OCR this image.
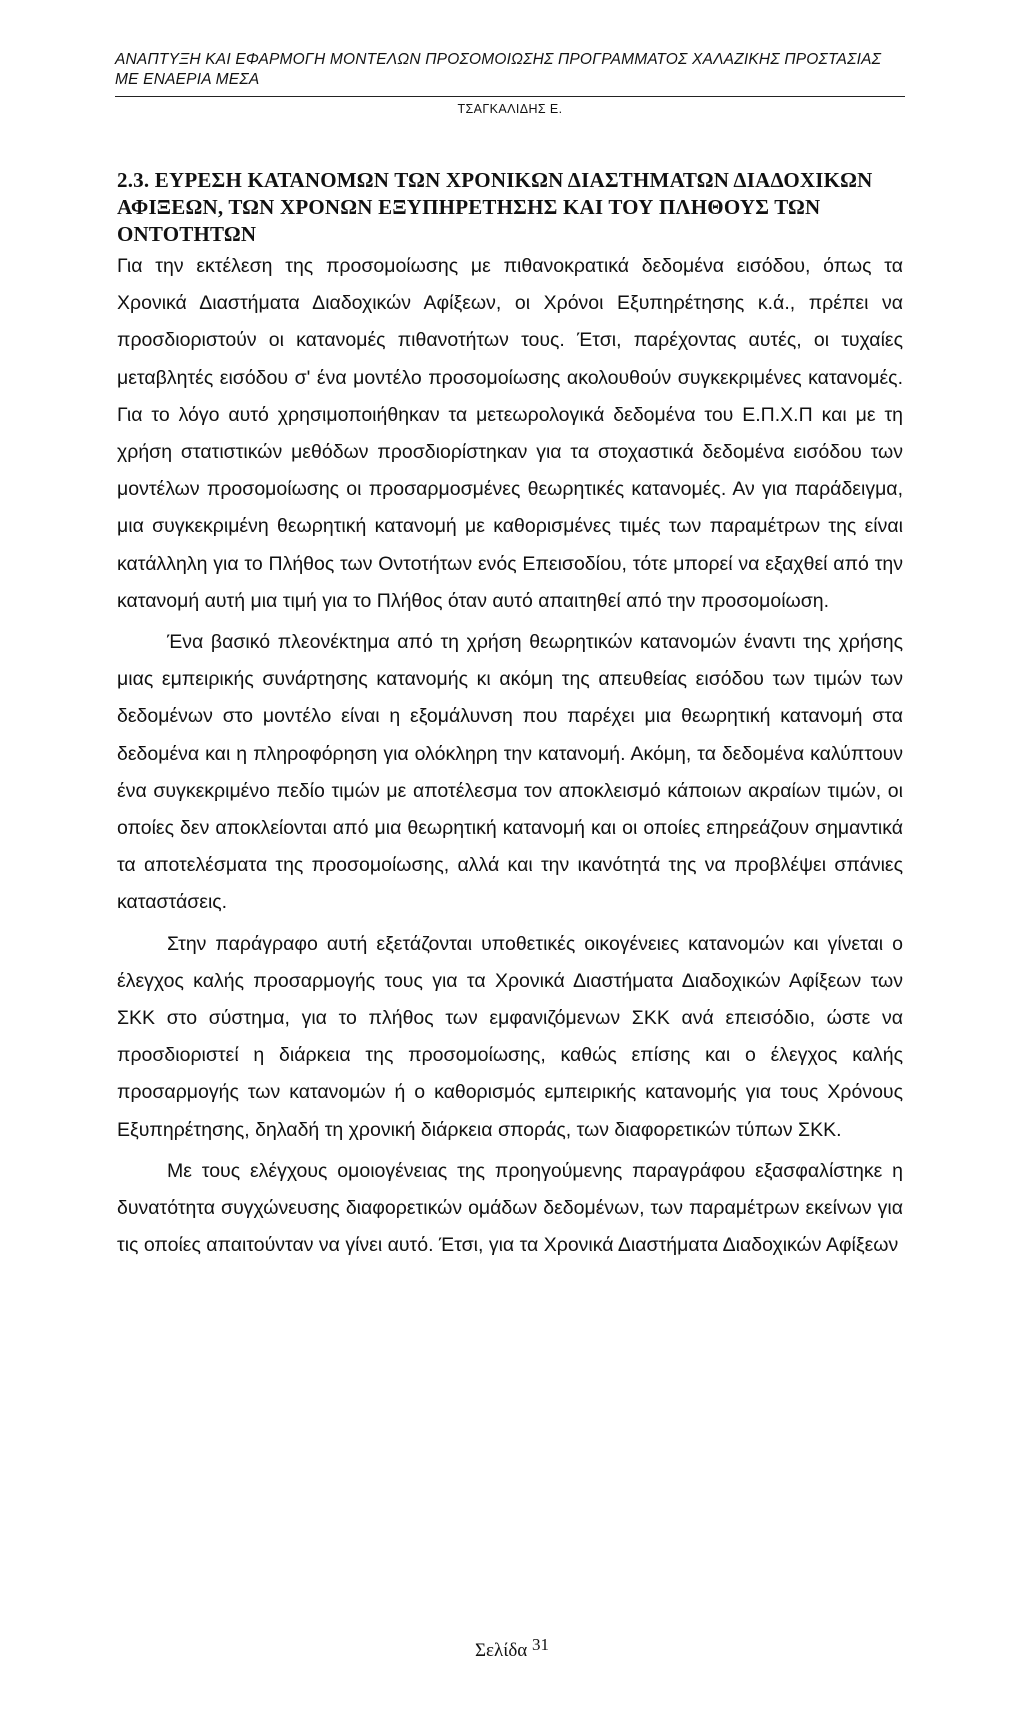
ΑΝΑΠΤΥΞΗ ΚΑΙ ΕΦΑΡΜΟΓΗ ΜΟΝΤΕΛΩΝ ΠΡΟΣΟΜΟΙΩΣΗΣ ΠΡΟΓΡΑΜΜΑΤΟΣ ΧΑΛΑΖΙΚΗΣ ΠΡΟΣΤΑΣΙΑΣ ΜΕ ΕΝΑΕΡΙΑ ΜΕΣΑ

ΤΣΑΓΚΑΛΙΔΗΣ Ε.
2.3. ΕΥΡΕΣΗ ΚΑΤΑΝΟΜΩΝ ΤΩΝ ΧΡΟΝΙΚΩΝ ΔΙΑΣΤΗΜΑΤΩΝ ΔΙΑΔΟΧΙΚΩΝ ΑΦΙΞΕΩΝ, ΤΩΝ ΧΡΟΝΩΝ ΕΞΥΠΗΡΕΤΗΣΗΣ ΚΑΙ ΤΟΥ ΠΛΗΘΟΥΣ ΤΩΝ ΟΝΤΟΤΗΤΩΝ

Για την εκτέλεση της προσομοίωσης με πιθανοκρατικά δεδομένα εισόδου, όπως τα Χρονικά Διαστήματα Διαδοχικών Αφίξεων, οι Χρόνοι Εξυπηρέτησης κ.ά., πρέπει να προσδιοριστούν οι κατανομές πιθανοτήτων τους. Έτσι, παρέχοντας αυτές, οι τυχαίες μεταβλητές εισόδου σ' ένα μοντέλο προσομοίωσης ακολουθούν συγκεκριμένες κατανομές. Για το λόγο αυτό χρησιμοποιήθηκαν τα μετεωρολογικά δεδομένα του Ε.Π.Χ.Π και με τη χρήση στατιστικών μεθόδων προσδιορίστηκαν για τα στοχαστικά δεδομένα εισόδου των μοντέλων προσομοίωσης οι προσαρμοσμένες θεωρητικές κατανομές. Αν για παράδειγμα, μια συγκεκριμένη θεωρητική κατανομή με καθορισμένες τιμές των παραμέτρων της είναι κατάλληλη για το Πλήθος των Οντοτήτων ενός Επεισοδίου, τότε μπορεί να εξαχθεί από την κατανομή αυτή μια τιμή για το Πλήθος όταν αυτό απαιτηθεί από την προσομοίωση.

Ένα βασικό πλεονέκτημα από τη χρήση θεωρητικών κατανομών έναντι της χρήσης μιας εμπειρικής συνάρτησης κατανομής κι ακόμη της απευθείας εισόδου των τιμών των δεδομένων στο μοντέλο είναι η εξομάλυνση που παρέχει μια θεωρητική κατανομή στα δεδομένα και η πληροφόρηση για ολόκληρη την κατανομή. Ακόμη, τα δεδομένα καλύπτουν ένα συγκεκριμένο πεδίο τιμών με αποτέλεσμα τον αποκλεισμό κάποιων ακραίων τιμών, οι οποίες δεν αποκλείονται από μια θεωρητική κατανομή και οι οποίες επηρεάζουν σημαντικά τα αποτελέσματα της προσομοίωσης, αλλά και την ικανότητά της να προβλέψει σπάνιες καταστάσεις.

Στην παράγραφο αυτή εξετάζονται υποθετικές οικογένειες κατανομών και γίνεται ο έλεγχος καλής προσαρμογής τους για τα Χρονικά Διαστήματα Διαδοχικών Αφίξεων των ΣΚΚ στο σύστημα, για το πλήθος των εμφανιζόμενων ΣΚΚ ανά επεισόδιο, ώστε να προσδιοριστεί η διάρκεια της προσομοίωσης, καθώς επίσης και ο έλεγχος καλής προσαρμογής των κατανομών ή ο καθορισμός εμπειρικής κατανομής για τους Χρόνους Εξυπηρέτησης, δηλαδή τη χρονική διάρκεια σποράς, των διαφορετικών τύπων ΣΚΚ.

Με τους ελέγχους ομοιογένειας της προηγούμενης παραγράφου εξασφαλίστηκε η δυνατότητα συγχώνευσης διαφορετικών ομάδων δεδομένων, των παραμέτρων εκείνων για τις οποίες απαιτούνταν να γίνει αυτό. Έτσι, για τα Χρονικά Διαστήματα Διαδοχικών Αφίξεων

Σελίδα 31
